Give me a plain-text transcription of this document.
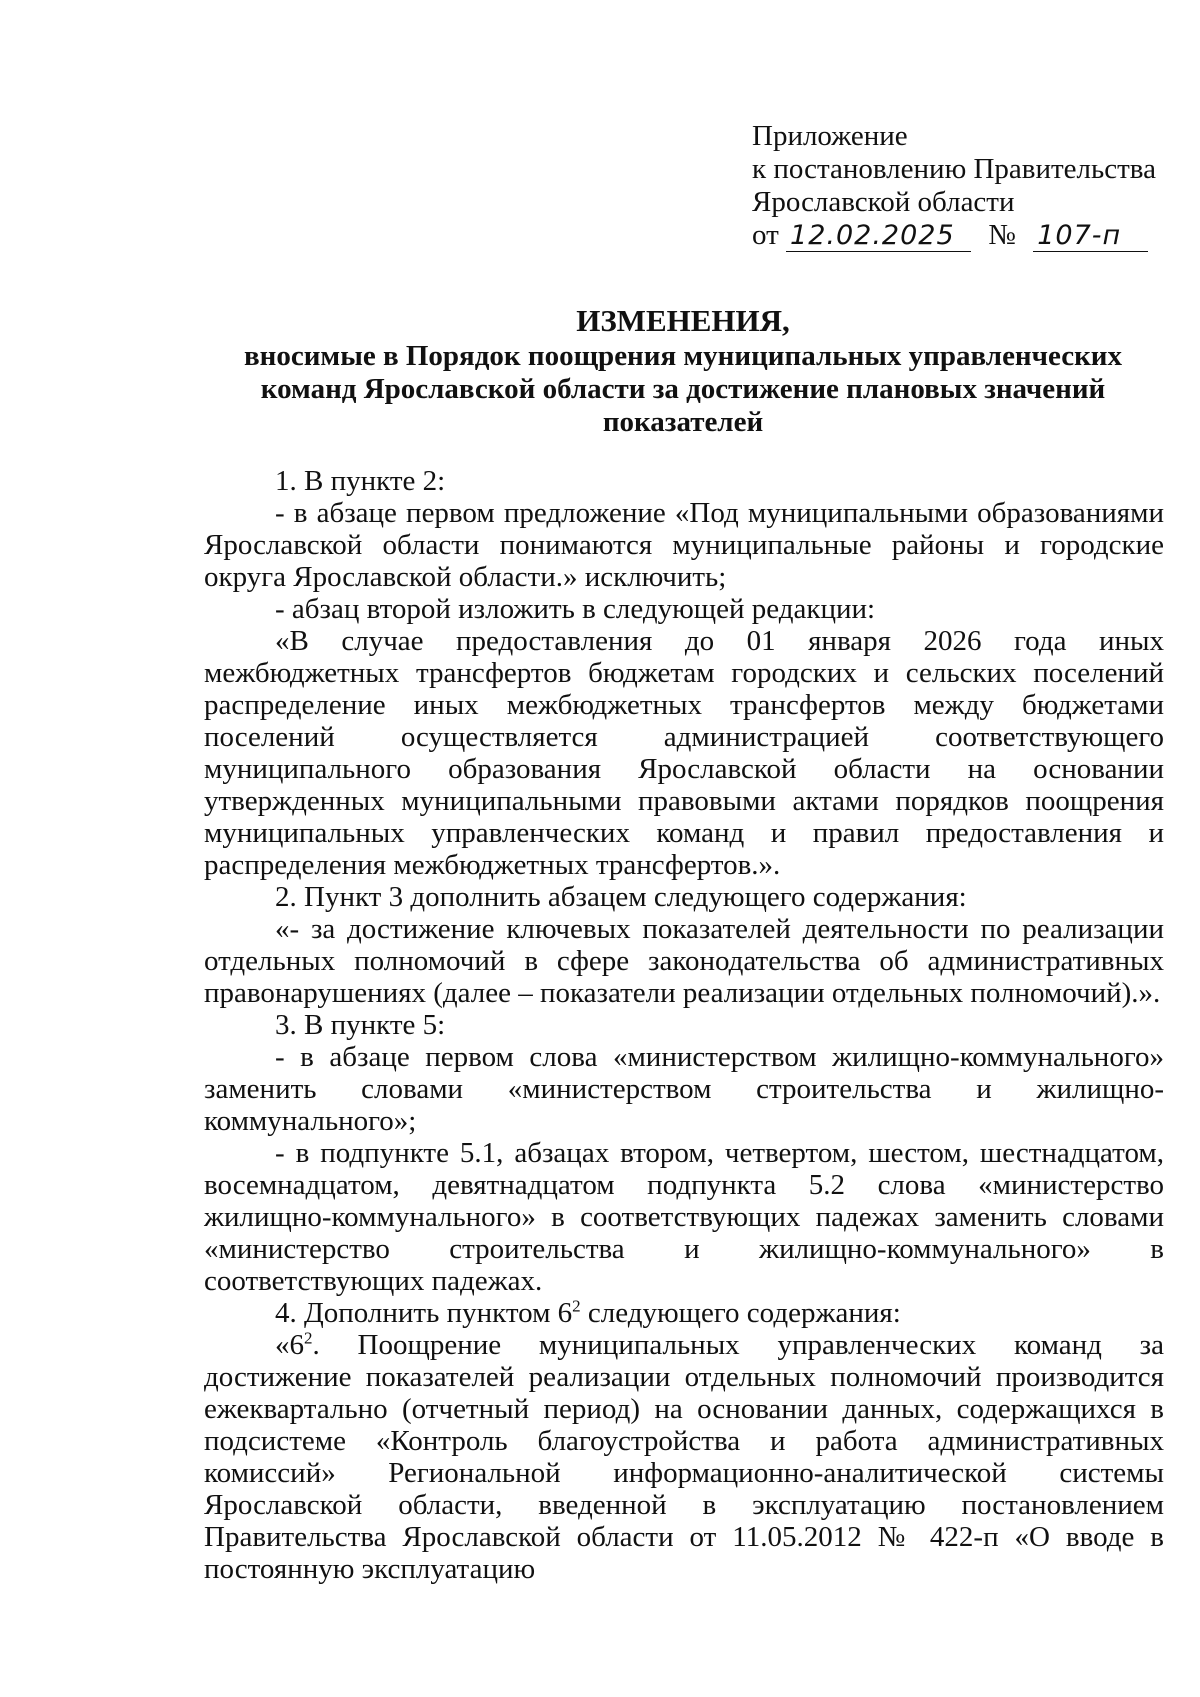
Приложение
к постановлению Правительства
Ярославской области
от 12.02.2025 № 107-п
ИЗМЕНЕНИЯ,
вносимые в Порядок поощрения муниципальных управленческих команд Ярославской области за достижение плановых значений показателей

1. В пункте 2:

- в абзаце первом предложение «Под муниципальными образованиями Ярославской области понимаются муниципальные районы и городские округа Ярославской области.» исключить;

- абзац второй изложить в следующей редакции:

«В случае предоставления до 01 января 2026 года иных межбюджетных трансфертов бюджетам городских и сельских поселений распределение иных межбюджетных трансфертов между бюджетами поселений осуществляется администрацией соответствующего муниципального образования Ярославской области на основании утвержденных муниципальными правовыми актами порядков поощрения муниципальных управленческих команд и правил предоставления и распределения межбюджетных трансфертов.».

2. Пункт 3 дополнить абзацем следующего содержания:

«- за достижение ключевых показателей деятельности по реализации отдельных полномочий в сфере законодательства об административных правонарушениях (далее – показатели реализации отдельных полномочий).».

3. В пункте 5:

- в абзаце первом слова «министерством жилищно-коммунального» заменить словами «министерством строительства и жилищно-коммунального»;

- в подпункте 5.1, абзацах втором, четвертом, шестом, шестнадцатом, восемнадцатом, девятнадцатом подпункта 5.2 слова «министерство жилищно-коммунального» в соответствующих падежах заменить словами «министерство строительства и жилищно-коммунального» в соответствующих падежах.

4. Дополнить пунктом $6^2$ следующего содержания:

«$6^2$. Поощрение муниципальных управленческих команд за достижение показателей реализации отдельных полномочий производится ежеквартально (отчетный период) на основании данных, содержащихся в подсистеме «Контроль благоустройства и работа административных комиссий» Региональной информационно-аналитической системы Ярославской области, введенной в эксплуатацию постановлением Правительства Ярославской области от 11.05.2012 № 422-п «О вводе в постоянную эксплуатацию
